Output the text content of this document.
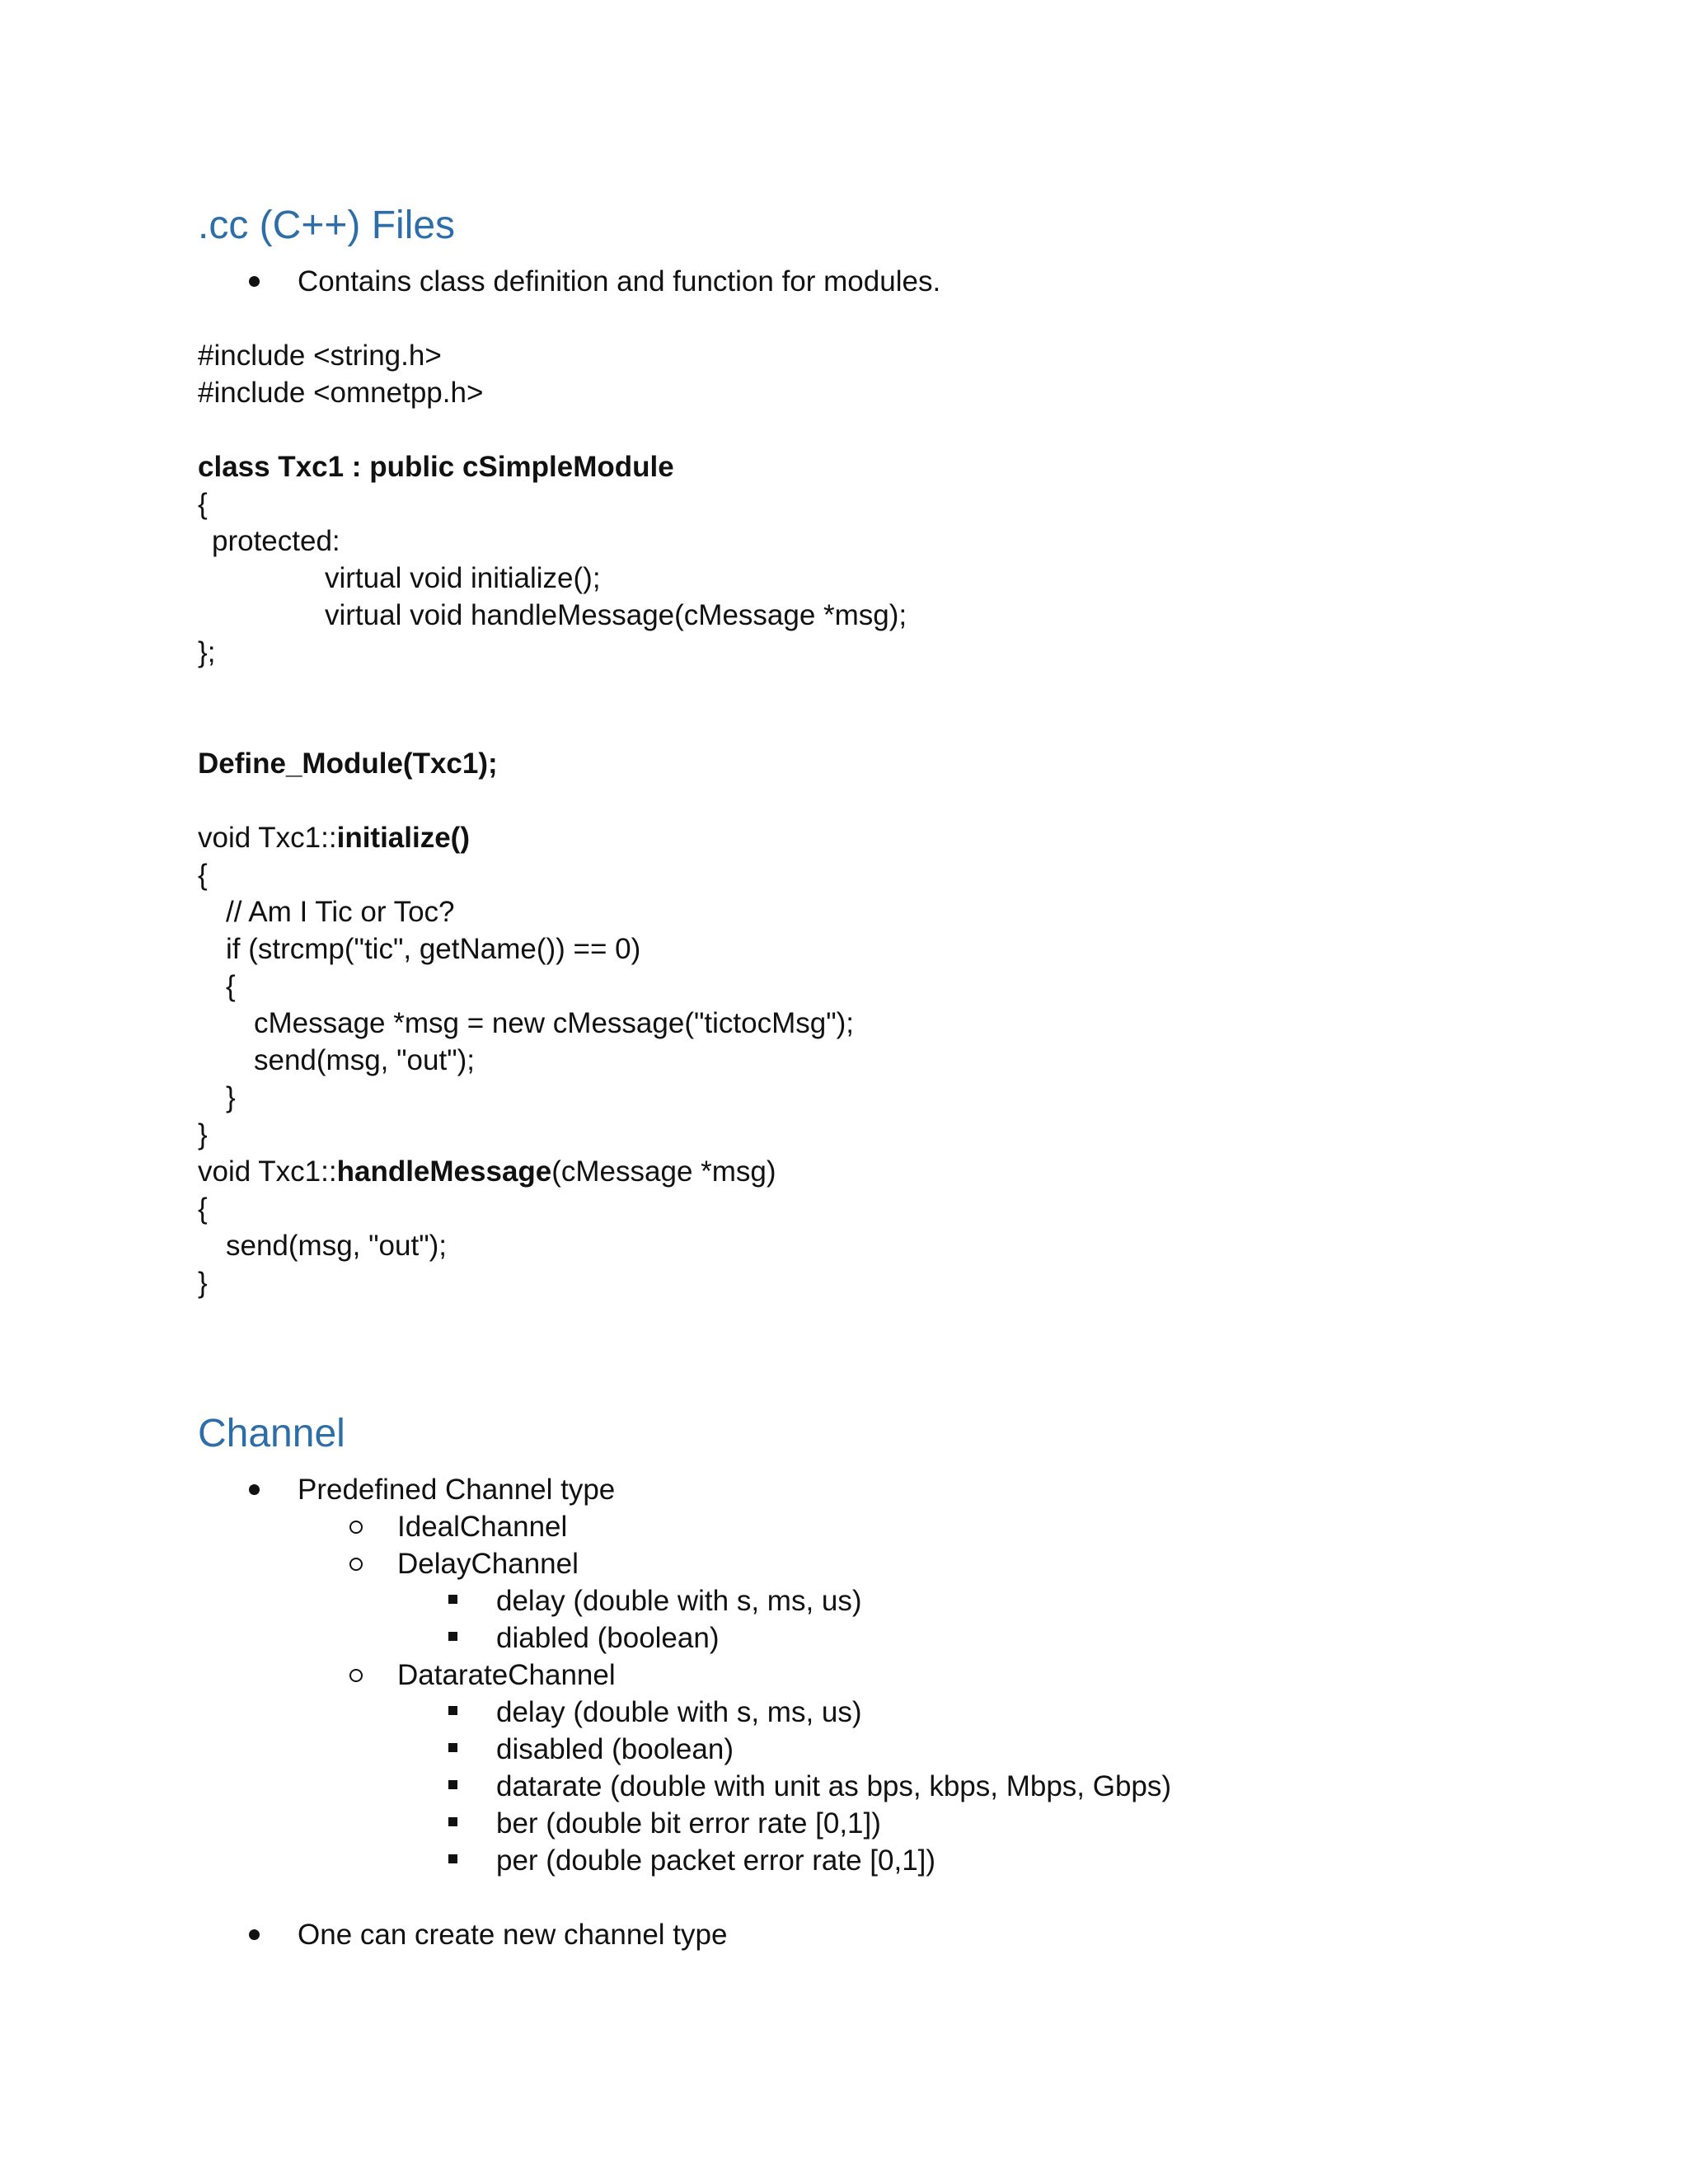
.cc (C++) Files
Contains class definition and function for modules.
#include <string.h>
#include <omnetpp.h>
class Txc1 : public cSimpleModule
{
protected:
virtual void initialize();
virtual void handleMessage(cMessage *msg);
};
Define_Module(Txc1);
void Txc1::initialize()
{
// Am I Tic or Toc?
if (strcmp("tic", getName()) == 0)
{
cMessage *msg = new cMessage("tictocMsg");
send(msg, "out");
}
}
void Txc1::handleMessage(cMessage *msg)
{
send(msg, "out");
}
Channel
Predefined Channel type
IdealChannel
DelayChannel
delay (double with s, ms, us)
diabled (boolean)
DatarateChannel
delay (double with s, ms, us)
disabled (boolean)
datarate (double with unit as bps, kbps, Mbps, Gbps)
ber (double bit error rate [0,1])
per (double packet error rate [0,1])
One can create new channel type
